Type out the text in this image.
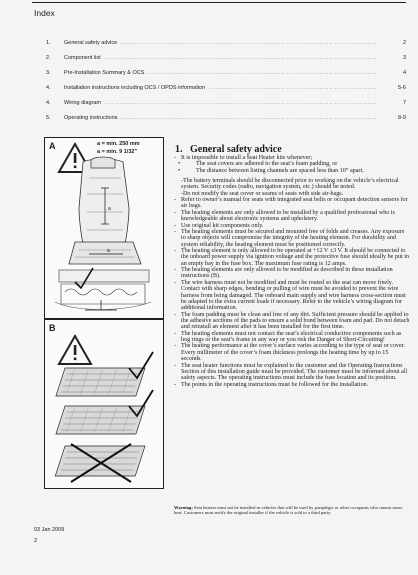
Index
1. ..... General safety advice	2
2. ..... Component list	3
3. ..... Pre-Installation Summary & OCS	4
4. ..... Installation instructions including OCS / OPDS information	5-6
4. ..... Wiring diagram	7
5. ..... Operating instructions	8-9
A	a = min. 250 mm
a = min. 9 1/32"
a
a
B
1. General safety advice
- It is impossible to install a Seat Heater kits whenever;
• The seat covers are adhered to the seat’s foam padding, or
• The distance between listing channels are spaced less than 10” apart.
-The battery terminals should be disconnected prior to working on the vehicle’s electrical system. Security codes (radio, navigation system, etc.) should be noted.
-Do not modify the seat cover or seams of seats with side air-bags.
- Refer to owner’s manual for seats with integrated seat belts or occupant detection sensors for air bags.
- The heating elements are only allowed to be installed by a qualified professional who is knowledgeable about electronic systems and upholstery.
- Use original kit components only.
- The heating elements must be secured and mounted free of folds and creases. Any exposure to sharp objects will compromise the integrity of the heating element. For durability and system reliability, the heating element must be positioned correctly.
- The heating element is only allowed to be operated at +12 V ±3 V. It should be connected to the onboard power supply via ignition voltage and the protective fuse should ideally be put in an empty bay in the fuse box. The maximum fuse rating is 12 amps.
- The heating elements are only allowed to be modified as described in these installation instructions (B).
- The wire harness must not be modified and must be routed so the seat can move freely. Contact with sharp edges, bending or pulling of wire must be avoided to prevent the wire harness from being damaged. The onboard main supply and wire harness cross-section must be adapted to the extra current loads if necessary. Refer to the vehicle’s wiring diagram for additional information.
- The foam padding must be clean and free of any dirt. Sufficient pressure should be applied to the adhesive sections of the pads to ensure a solid bond between foam and pad. Do not detach and reinstall an element after it has been installed for the first time.
- The heating elements must not contact the seat’s electrical conductive components such as hog rings or the seat’s frame in any way or you risk the Danger of Short-Circuiting!
- The heating performance at the cover’s surface varies according to the type of seat or cover. Every millimeter of the cover’s foam thickness prolongs the heating time by up to 15 seconds.
- The seat heater functions must be explained to the customer and the Operating Instructions Section of this installation guide must be provided. The customer must be informed about all safety aspects. The operating instructions must include the fuse location and its position.
- The points in the operating instructions must be followed for the installation.
Warning: Seat heaters must not be installed in vehicles that will be used by paraplegic or other occupants who cannot sense heat. Customers must notify the original installer if the vehicle is sold to a third party.
03 Jan 2009
2
